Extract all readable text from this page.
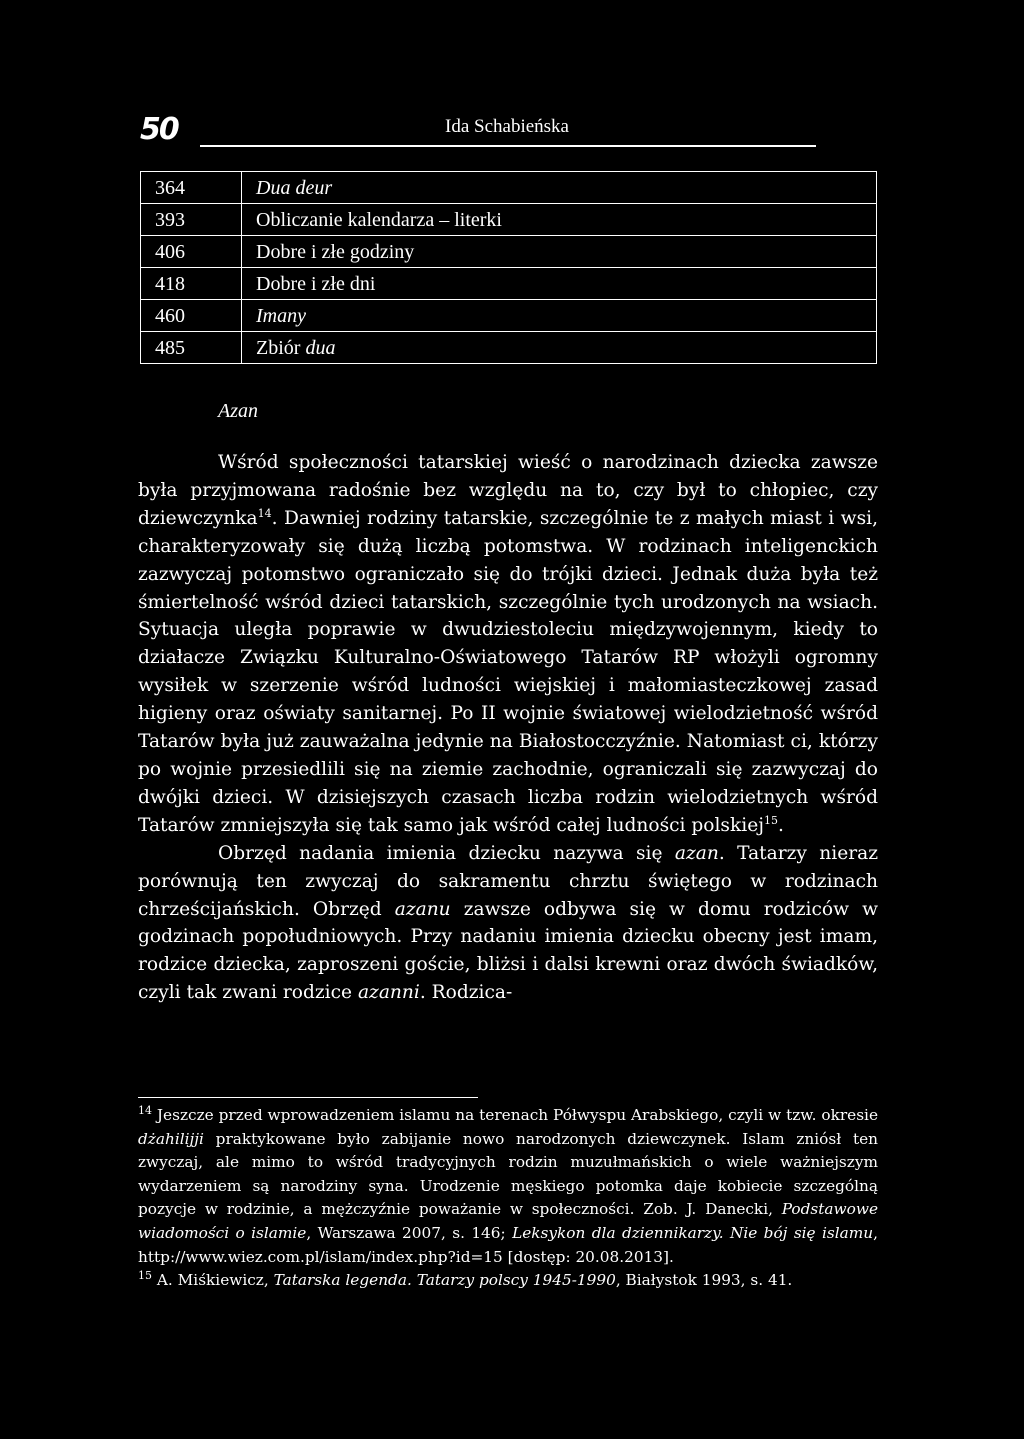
50	Ida Schabieńska
364	Dua deur
393	Obliczanie kalendarza – literki
406	Dobre i złe godziny
418	Dobre i złe dni
460	Imany
485	Zbiór dua
Azan

Wśród społeczności tatarskiej wieść o narodzinach dziecka zawsze była przyjmowana radośnie bez względu na to, czy był to chłopiec, czy dziewczynka$^{14}$. Dawniej rodziny tatarskie, szczególnie te z małych miast i wsi, charakteryzowały się dużą liczbą potomstwa. W rodzinach inteligenckich zazwyczaj potomstwo ograniczało się do trójki dzieci. Jednak duża była też śmiertelność wśród dzieci tatarskich, szczególnie tych urodzonych na wsiach. Sytuacja uległa poprawie w dwudziestoleciu międzywojennym, kiedy to działacze Związku Kulturalno-Oświatowego Tatarów RP włożyli ogromny wysiłek w szerzenie wśród ludności wiejskiej i małomiasteczkowej zasad higieny oraz oświaty sanitarnej. Po II wojnie światowej wielodzietność wśród Tatarów była już zauważalna jedynie na Białostocczyźnie. Natomiast ci, którzy po wojnie przesiedlili się na ziemie zachodnie, ograniczali się zazwyczaj do dwójki dzieci. W dzisiejszych czasach liczba rodzin wielodzietnych wśród Tatarów zmniejszyła się tak samo jak wśród całej ludności polskiej$^{15}$.

Obrzęd nadania imienia dziecku nazywa się azan. Tatarzy nieraz porównują ten zwyczaj do sakramentu chrztu świętego w rodzinach chrześcijańskich. Obrzęd azanu zawsze odbywa się w domu rodziców w godzinach popołudniowych. Przy nadaniu imienia dziecku obecny jest imam, rodzice dziecka, zaproszeni goście, bliżsi i dalsi krewni oraz dwóch świadków, czyli tak zwani rodzice azanni. Rodzica-

$^{14}$ Jeszcze przed wprowadzeniem islamu na terenach Półwyspu Arabskiego, czyli w tzw. okresie dżahilijji praktykowane było zabijanie nowo narodzonych dziewczynek. Islam zniósł ten zwyczaj, ale mimo to wśród tradycyjnych rodzin muzułmańskich o wiele ważniejszym wydarzeniem są narodziny syna. Urodzenie męskiego potomka daje kobiecie szczególną pozycje w rodzinie, a mężczyźnie poważanie w społeczności. Zob. J. Danecki, Podstawowe wiadomości o islamie, Warszawa 2007, s. 146; Leksykon dla dziennikarzy. Nie bój się islamu, http://www.wiez.com.pl/islam/index.php?id=15 [dostęp: 20.08.2013].

$^{15}$ A. Miśkiewicz, Tatarska legenda. Tatarzy polscy 1945-1990, Białystok 1993, s. 41.
